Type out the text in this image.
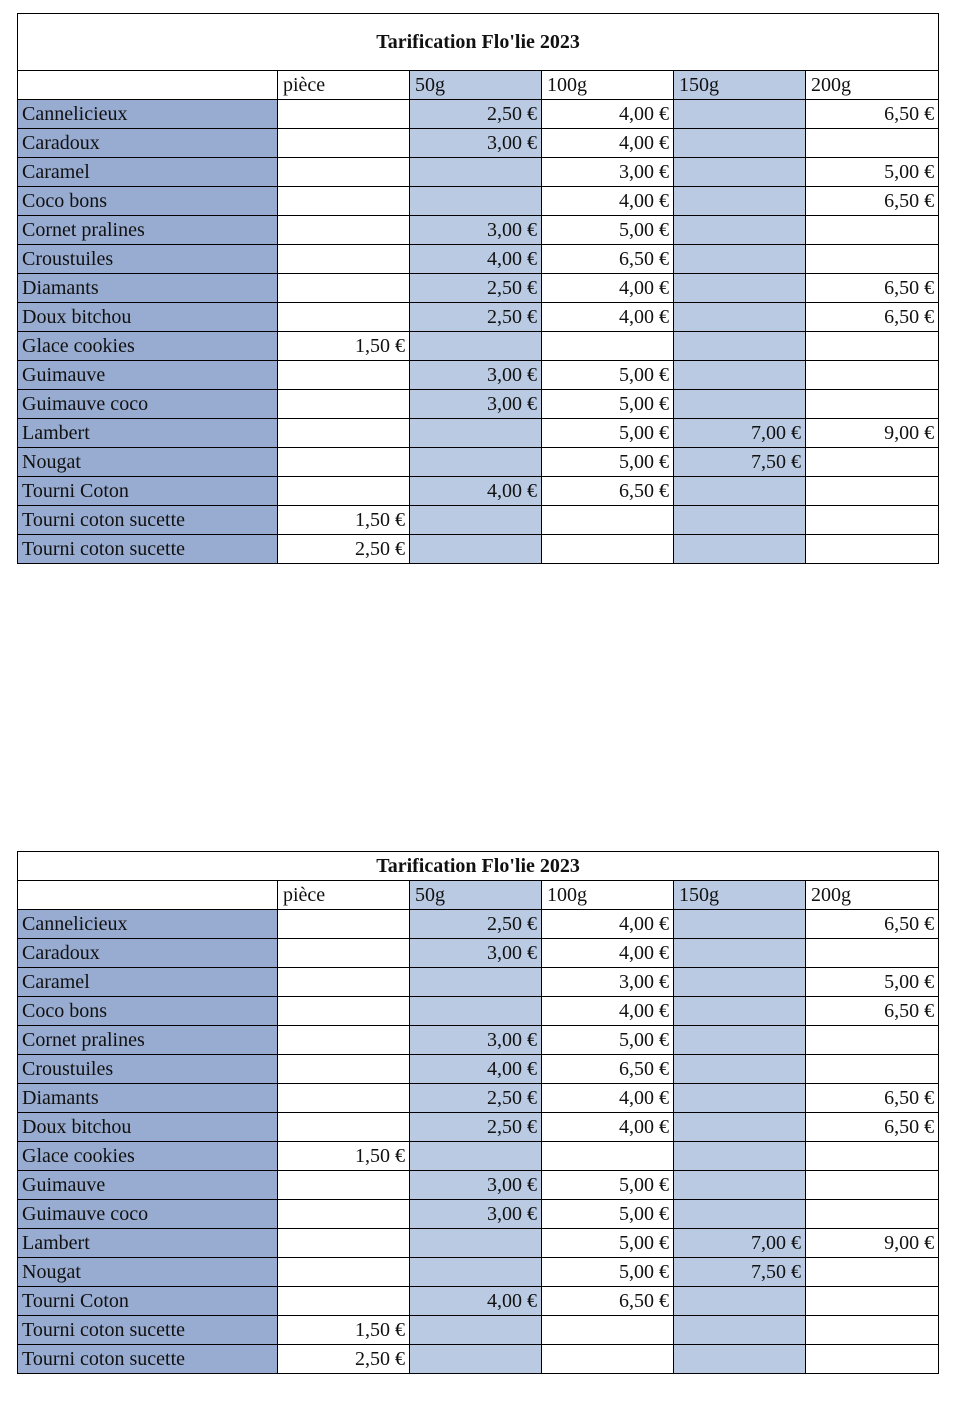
Tarification Flo'lie 2023					
	pièce	50g	100g	150g	200g
Cannelicieux		2,50 €	4,00 €		6,50 €
Caradoux		3,00 €	4,00 €		
Caramel			3,00 €		5,00 €
Coco bons			4,00 €		6,50 €
Cornet pralines		3,00 €	5,00 €		
Croustuiles		4,00 €	6,50 €		
Diamants		2,50 €	4,00 €		6,50 €
Doux bitchou		2,50 €	4,00 €		6,50 €
Glace cookies	1,50 €				
Guimauve		3,00 €	5,00 €		
Guimauve coco		3,00 €	5,00 €		
Lambert			5,00 €	7,00 €	9,00 €
Nougat			5,00 €	7,50 €	
Tourni Coton		4,00 €	6,50 €		
Tourni coton sucette	1,50 €				
Tourni coton sucette	2,50 €				
Tarification Flo'lie 2023					
	pièce	50g	100g	150g	200g
Cannelicieux		2,50 €	4,00 €		6,50 €
Caradoux		3,00 €	4,00 €		
Caramel			3,00 €		5,00 €
Coco bons			4,00 €		6,50 €
Cornet pralines		3,00 €	5,00 €		
Croustuiles		4,00 €	6,50 €		
Diamants		2,50 €	4,00 €		6,50 €
Doux bitchou		2,50 €	4,00 €		6,50 €
Glace cookies	1,50 €				
Guimauve		3,00 €	5,00 €		
Guimauve coco		3,00 €	5,00 €		
Lambert			5,00 €	7,00 €	9,00 €
Nougat			5,00 €	7,50 €	
Tourni Coton		4,00 €	6,50 €		
Tourni coton sucette	1,50 €				
Tourni coton sucette	2,50 €				
